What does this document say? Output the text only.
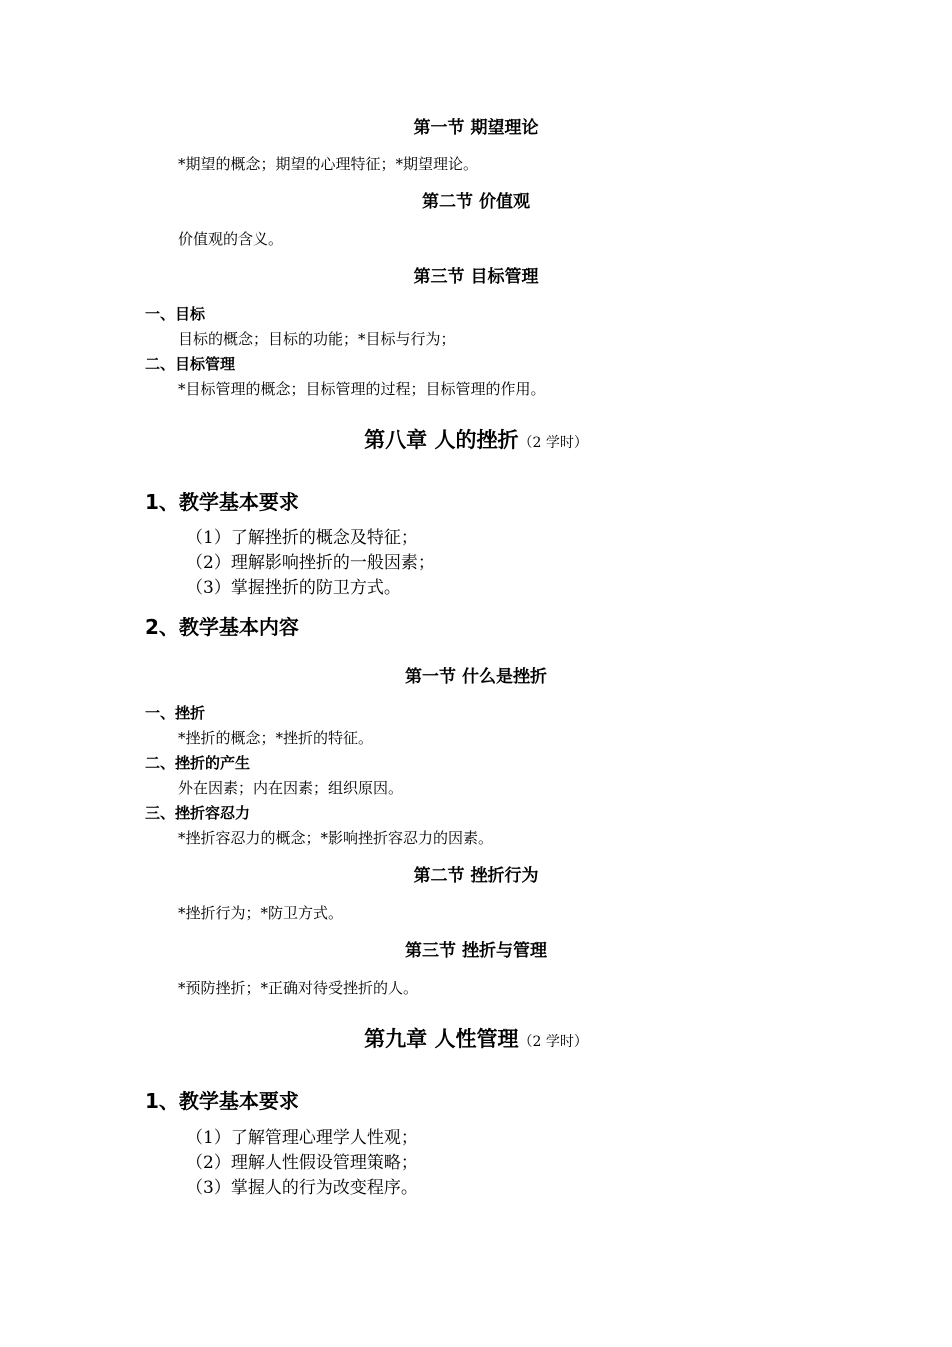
第一节 期望理论
*期望的概念；期望的心理特征；*期望理论。
第二节 价值观
价值观的含义。
第三节 目标管理
一、目标
目标的概念；目标的功能；*目标与行为；
二、目标管理
*目标管理的概念；目标管理的过程；目标管理的作用。
第八章 人的挫折（2 学时）
1、教学基本要求
（1）了解挫折的概念及特征；
（2）理解影响挫折的一般因素；
（3）掌握挫折的防卫方式。
2、教学基本内容
第一节 什么是挫折
一、挫折
*挫折的概念；*挫折的特征。
二、挫折的产生
外在因素；内在因素；组织原因。
三、挫折容忍力
*挫折容忍力的概念；*影响挫折容忍力的因素。
第二节 挫折行为
*挫折行为；*防卫方式。
第三节 挫折与管理
*预防挫折；*正确对待受挫折的人。
第九章 人性管理（2 学时）
1、教学基本要求
（1）了解管理心理学人性观；
（2）理解人性假设管理策略；
（3）掌握人的行为改变程序。
